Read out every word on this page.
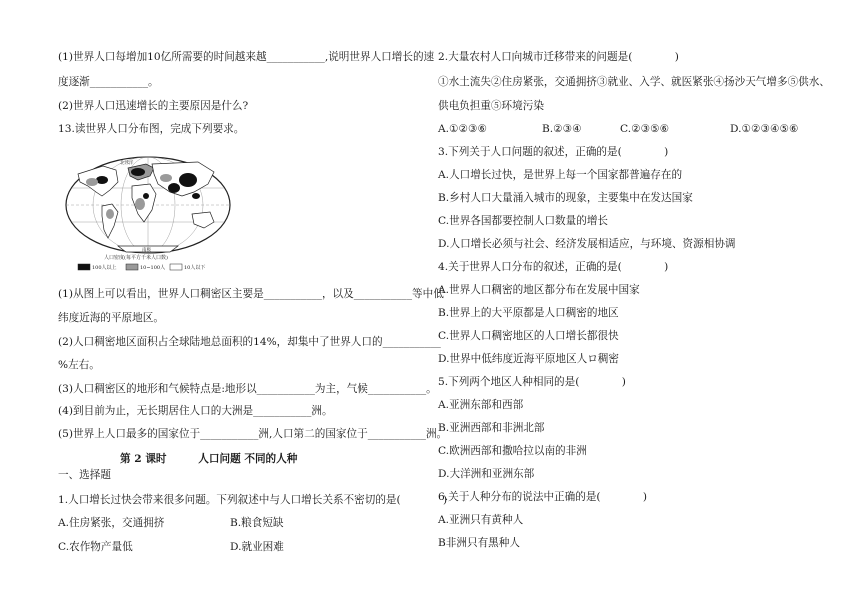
(1)世界人口每增加10亿所需要的时间越来越___________,说明世界人口增长的速
度逐渐___________。
(2)世界人口迅速增长的主要原因是什么?
13.读世界人口分布图，完成下列要求。
北冰洋
南极
人口密度(每平方千米人口数)
100人以上	10~100人	10人以下
(1)从图上可以看出，世界人口稠密区主要是___________，以及___________等中低
纬度近海的平原地区。
(2)人口稠密地区面积占全球陆地总面积的14%，却集中了世界人口的___________
%左右。
(3)人口稠密区的地形和气候特点是:地形以___________为主，气候___________。
(4)到目前为止，无长期居住人口的大洲是___________洲。
(5)世界上人口最多的国家位于___________洲,人口第二的国家位于___________洲。
第 2 课时　　　人口问题 不同的人种
一、选择题
1.人口增长过快会带来很多问题。下列叙述中与人口增长关系不密切的是(　　　　)
A.住房紧张，交通拥挤	B.粮食短缺
C.农作物产量低	D.就业困难
2.大量农村人口向城市迁移带来的问题是(　　　　)
①水土流失②住房紧张，交通拥挤③就业、入学、就医紧张④扬沙天气增多⑤供水、
供电负担重⑤环境污染
A.①②③⑥	B.②③④	C.②③⑤⑥	D.①②③④⑤⑥
3.下列关于人口问题的叙述，正确的是(　　　　)
A.人口增长过快，是世界上每一个国家都普遍存在的
B.乡村人口大量涌入城市的现象，主要集中在发达国家
C.世界各国都要控制人口数量的增长
D.人口增长必须与社会、经济发展相适应，与环境、资源相协调
4.关于世界人口分布的叙述，正确的是(　　　　)
A.世界人口稠密的地区都分布在发展中国家
B.世界上的大平原都是人口稠密的地区
C.世界人口稠密地区的人口增长都很快
D.世界中低纬度近海平原地区人ロ稠密
5.下列两个地区人种相同的是(　　　　)
A.亚洲东部和西部
B.亚洲西部和非洲北部
C.欧洲西部和撒哈拉以南的非洲
D.大洋洲和亚洲东部
6.关于人种分布的说法中正确的是(　　　　)
A.亚洲只有黄种人
B非洲只有黑种人
